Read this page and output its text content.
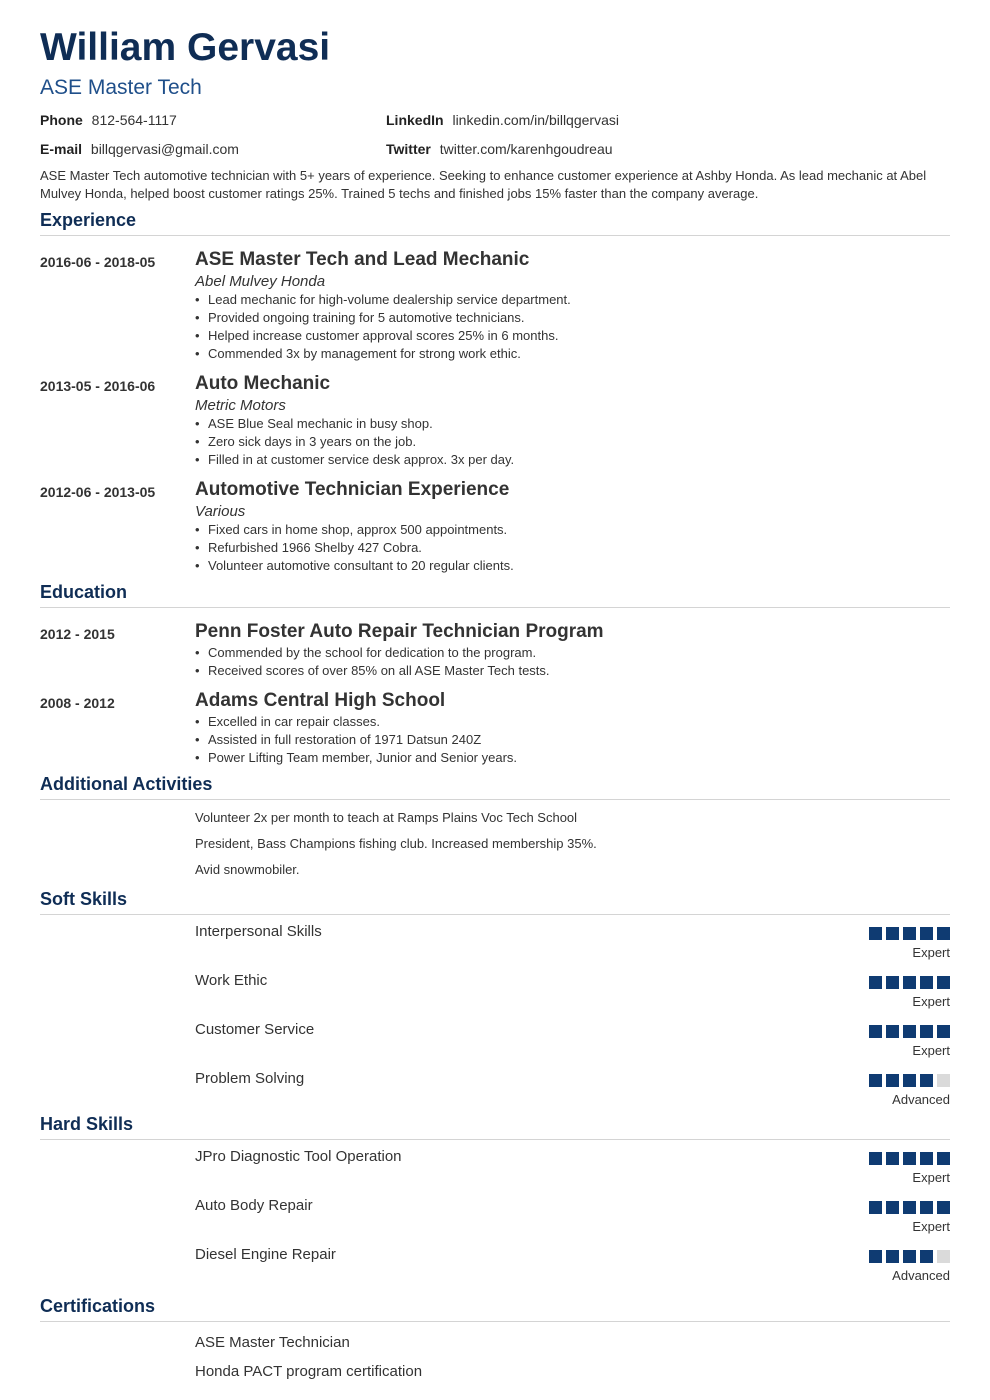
William Gervasi
ASE Master Tech
Phone 812-564-1117	LinkedIn linkedin.com/in/billqgervasi
E-mail billqgervasi@gmail.com	Twitter twitter.com/karenhgoudreau

ASE Master Tech automotive technician with 5+ years of experience. Seeking to enhance customer experience at Ashby Honda. As lead mechanic at Abel Mulvey Honda, helped boost customer ratings 25%. Trained 5 techs and finished jobs 15% faster than the company average.

Experience
2016-06 - 2018-05	ASE Master Tech and Lead Mechanic
Abel Mulvey Honda
• Lead mechanic for high-volume dealership service department.
• Provided ongoing training for 5 automotive technicians.
• Helped increase customer approval scores 25% in 6 months.
• Commended 3x by management for strong work ethic.
2013-05 - 2016-06	Auto Mechanic
Metric Motors
• ASE Blue Seal mechanic in busy shop.
• Zero sick days in 3 years on the job.
• Filled in at customer service desk approx. 3x per day.
2012-06 - 2013-05	Automotive Technician Experience
Various
• Fixed cars in home shop, approx 500 appointments.
• Refurbished 1966 Shelby 427 Cobra.
• Volunteer automotive consultant to 20 regular clients.
Education
2012 - 2015	Penn Foster Auto Repair Technician Program
• Commended by the school for dedication to the program.
• Received scores of over 85% on all ASE Master Tech tests.
2008 - 2012	Adams Central High School
• Excelled in car repair classes.
• Assisted in full restoration of 1971 Datsun 240Z
• Power Lifting Team member, Junior and Senior years.
Additional Activities
Volunteer 2x per month to teach at Ramps Plains Voc Tech School
President, Bass Champions fishing club. Increased membership 35%.
Avid snowmobiler.
Soft Skills
Interpersonal Skills
Expert
Work Ethic
Expert
Customer Service
Expert
Problem Solving
Advanced
Hard Skills
JPro Diagnostic Tool Operation
Expert
Auto Body Repair
Expert
Diesel Engine Repair
Advanced
Certifications
ASE Master Technician
Honda PACT program certification
